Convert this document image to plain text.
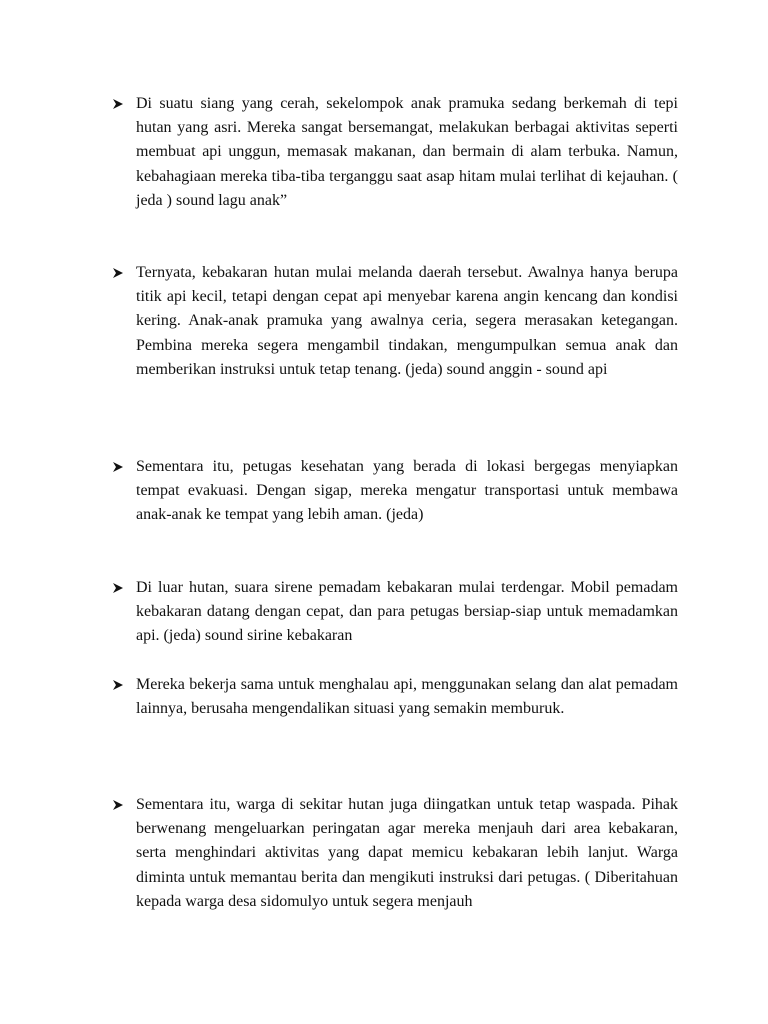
Di suatu siang yang cerah, sekelompok anak pramuka sedang berkemah di tepi hutan yang asri. Mereka sangat bersemangat, melakukan berbagai aktivitas seperti membuat api unggun, memasak makanan, dan bermain di alam terbuka. Namun, kebahagiaan mereka tiba-tiba terganggu saat asap hitam mulai terlihat di kejauhan. ( jeda ) sound lagu anak”
Ternyata, kebakaran hutan mulai melanda daerah tersebut. Awalnya hanya berupa titik api kecil, tetapi dengan cepat api menyebar karena angin kencang dan kondisi kering. Anak-anak pramuka yang awalnya ceria, segera merasakan ketegangan. Pembina mereka segera mengambil tindakan, mengumpulkan semua anak dan memberikan instruksi untuk tetap tenang. (jeda) sound anggin - sound api
Sementara itu, petugas kesehatan yang berada di lokasi bergegas menyiapkan tempat evakuasi. Dengan sigap, mereka mengatur transportasi untuk membawa anak-anak ke tempat yang lebih aman. (jeda)
Di luar hutan, suara sirene pemadam kebakaran mulai terdengar. Mobil pemadam kebakaran datang dengan cepat, dan para petugas bersiap-siap untuk memadamkan api. (jeda) sound sirine kebakaran
Mereka bekerja sama untuk menghalau api, menggunakan selang dan alat pemadam lainnya, berusaha mengendalikan situasi yang semakin memburuk.
Sementara itu, warga di sekitar hutan juga diingatkan untuk tetap waspada. Pihak berwenang mengeluarkan peringatan agar mereka menjauh dari area kebakaran, serta menghindari aktivitas yang dapat memicu kebakaran lebih lanjut. Warga diminta untuk memantau berita dan mengikuti instruksi dari petugas. ( Diberitahuan kepada warga desa sidomulyo untuk segera menjauh
